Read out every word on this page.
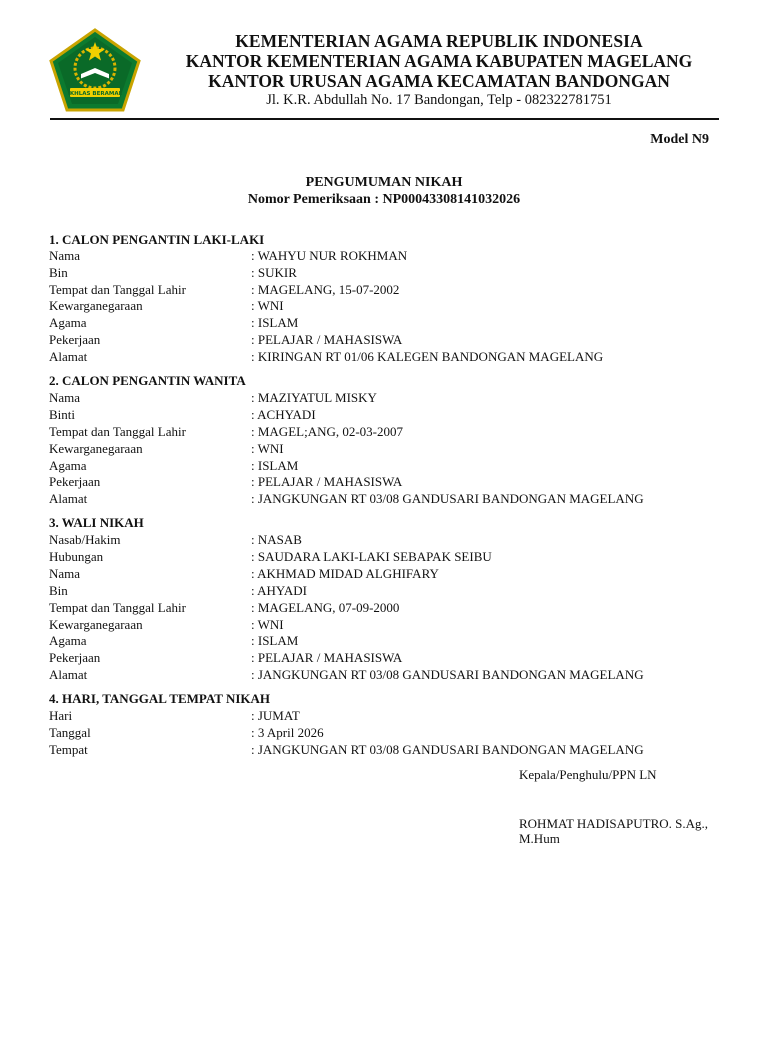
IKHLAS BERAMAL
KEMENTERIAN AGAMA REPUBLIK INDONESIA
KANTOR KEMENTERIAN AGAMA KABUPATEN MAGELANG
KANTOR URUSAN AGAMA KECAMATAN BANDONGAN
Jl. K.R. Abdullah No. 17 Bandongan, Telp - 082322781751
Model N9
PENGUMUMAN NIKAH
Nomor Pemeriksaan : NP00043308141032026
1. CALON PENGANTIN LAKI-LAKI
Nama	: WAHYU NUR ROKHMAN
Bin	: SUKIR
Tempat dan Tanggal Lahir	: MAGELANG, 15-07-2002
Kewarganegaraan	: WNI
Agama	: ISLAM
Pekerjaan	: PELAJAR / MAHASISWA
Alamat	: KIRINGAN RT 01/06 KALEGEN BANDONGAN MAGELANG
2. CALON PENGANTIN WANITA
Nama	: MAZIYATUL MISKY
Binti	: ACHYADI
Tempat dan Tanggal Lahir	: MAGEL;ANG, 02-03-2007
Kewarganegaraan	: WNI
Agama	: ISLAM
Pekerjaan	: PELAJAR / MAHASISWA
Alamat	: JANGKUNGAN RT 03/08 GANDUSARI BANDONGAN MAGELANG
3. WALI NIKAH
Nasab/Hakim	: NASAB
Hubungan	: SAUDARA LAKI-LAKI SEBAPAK SEIBU
Nama	: AKHMAD MIDAD ALGHIFARY
Bin	: AHYADI
Tempat dan Tanggal Lahir	: MAGELANG, 07-09-2000
Kewarganegaraan	: WNI
Agama	: ISLAM
Pekerjaan	: PELAJAR / MAHASISWA
Alamat	: JANGKUNGAN RT 03/08 GANDUSARI BANDONGAN MAGELANG
4. HARI, TANGGAL TEMPAT NIKAH
Hari	: JUMAT
Tanggal	: 3 April 2026
Tempat	: JANGKUNGAN RT 03/08 GANDUSARI BANDONGAN MAGELANG
Kepala/Penghulu/PPN LN
ROHMAT HADISAPUTRO. S.Ag.,
M.Hum
